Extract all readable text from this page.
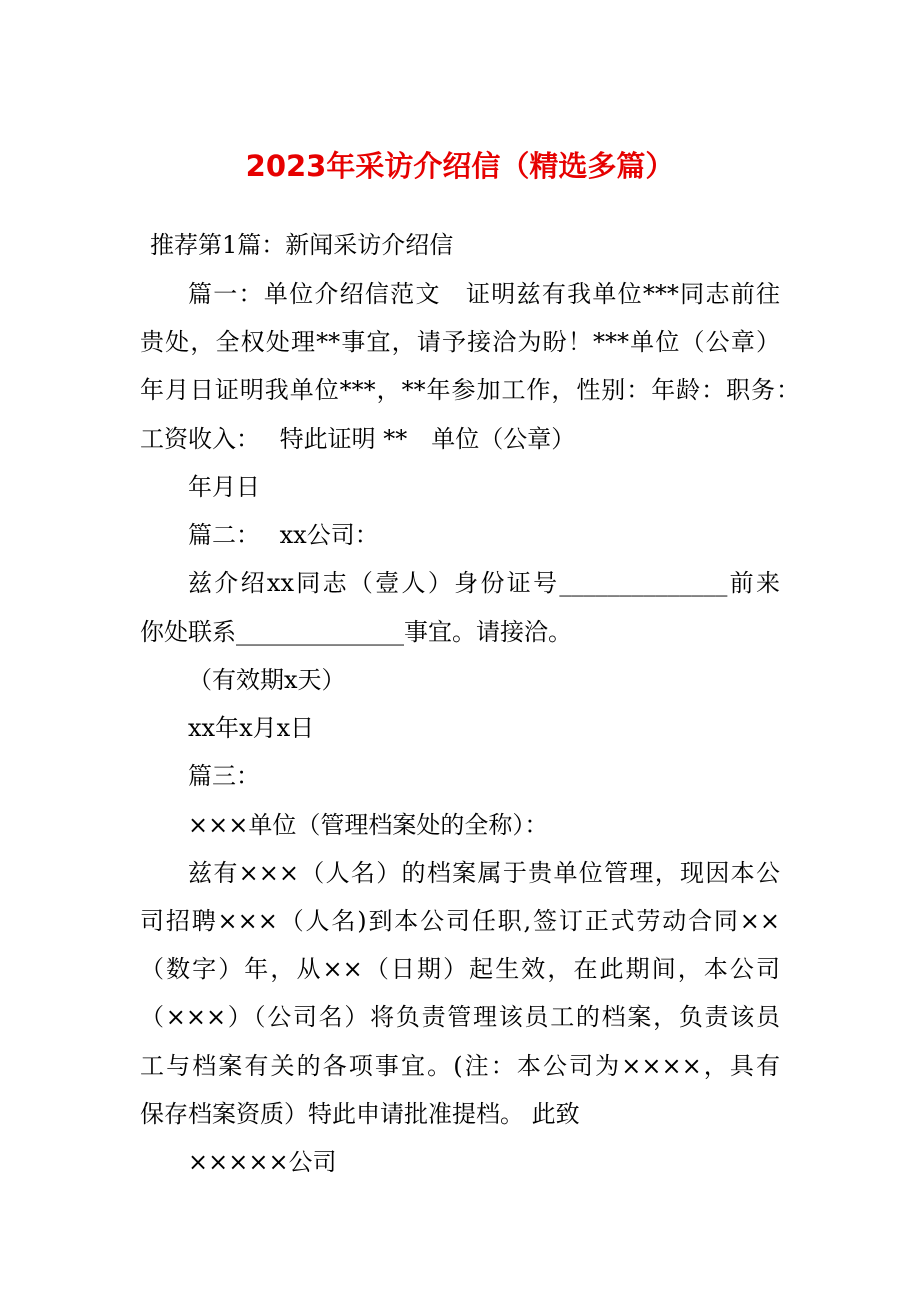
2023年采访介绍信（精选多篇）
推荐第1篇：新闻采访介绍信
篇一：单位介绍信范文　证明兹有我单位***同志前往
贵处，全权处理**事宜，请予接洽为盼！***单位（公章）
年月日证明我单位***，**年参加工作，性别：年龄：职务：
工资收入：　 特此证明 **　单位（公章）
年月日
篇二：　 xx公司：
兹介绍xx同志（壹人）身份证号______________前来
你处联系______________事宜。请接洽。
（有效期x天）
xx年x月x日
篇三：
×××单位（管理档案处的全称）：
兹有×××（人名）的档案属于贵单位管理，现因本公
司招聘×××（人名)到本公司任职,签订正式劳动合同××
（数字）年，从××（日期）起生效，在此期间，本公司
（×××）（公司名）将负责管理该员工的档案，负责该员
工与档案有关的各项事宜。(注：本公司为××××，具有
保存档案资质）特此申请批准提档。 此致
×××××公司
